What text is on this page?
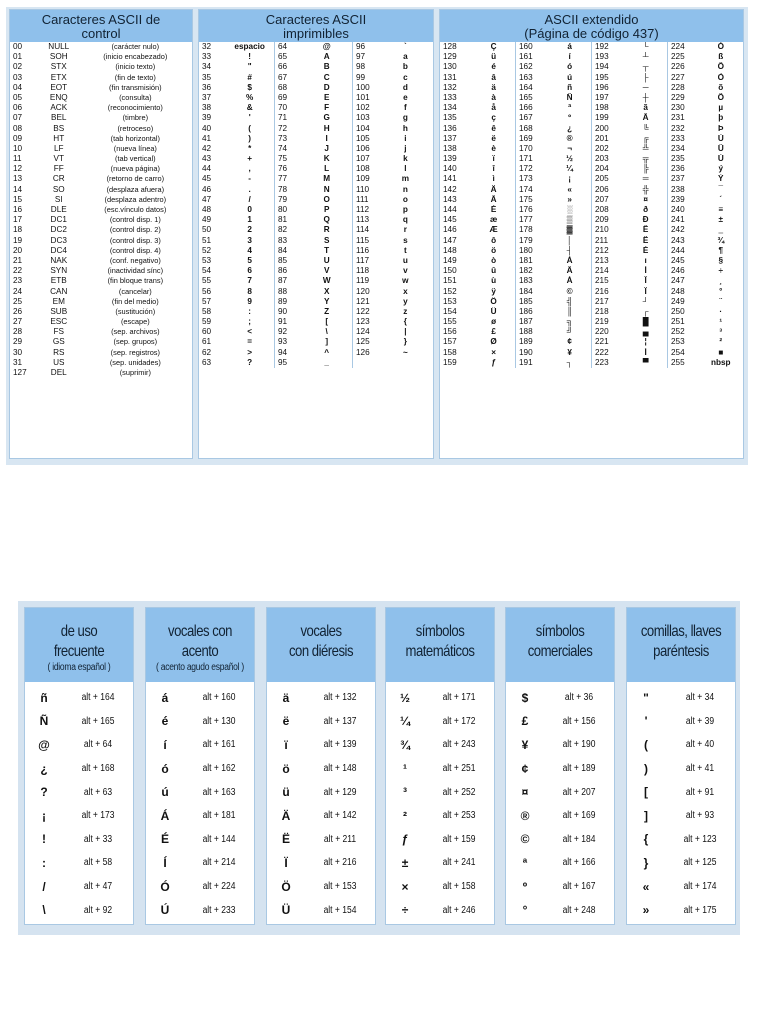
Caracteres ASCII de
control
00	NULL	(carácter nulo)
01	SOH	(inicio encabezado)
02	STX	(inicio texto)
03	ETX	(fin de texto)
04	EOT	(fin transmisión)
05	ENQ	(consulta)
06	ACK	(reconocimiento)
07	BEL	(timbre)
08	BS	(retroceso)
09	HT	(tab horizontal)
10	LF	(nueva línea)
11	VT	(tab vertical)
12	FF	(nueva página)
13	CR	(retorno de carro)
14	SO	(desplaza afuera)
15	SI	(desplaza adentro)
16	DLE	(esc.vínculo datos)
17	DC1	(control disp. 1)
18	DC2	(control disp. 2)
19	DC3	(control disp. 3)
20	DC4	(control disp. 4)
21	NAK	(conf. negativo)
22	SYN	(inactividad sínc)
23	ETB	(fin bloque trans)
24	CAN	(cancelar)
25	EM	(fin del medio)
26	SUB	(sustitución)
27	ESC	(escape)
28	FS	(sep. archivos)
29	GS	(sep. grupos)
30	RS	(sep. registros)
31	US	(sep. unidades)
127	DEL	(suprimir)
Caracteres ASCII
imprimibles
32	espacio
33	!
34	"
35	#
36	$
37	%
38	&
39	'
40	(
41	)
42	*
43	+
44	,
45	-
46	.
47	/
48	0
49	1
50	2
51	3
52	4
53	5
54	6
55	7
56	8
57	9
58	:
59	;
60	<
61	=
62	>
63	?
64	@
65	A
66	B
67	C
68	D
69	E
70	F
71	G
72	H
73	I
74	J
75	K
76	L
77	M
78	N
79	O
80	P
81	Q
82	R
83	S
84	T
85	U
86	V
87	W
88	X
89	Y
90	Z
91	[
92	\
93	]
94	^
95	_
96	`
97	a
98	b
99	c
100	d
101	e
102	f
103	g
104	h
105	i
106	j
107	k
108	l
109	m
110	n
111	o
112	p
113	q
114	r
115	s
116	t
117	u
118	v
119	w
120	x
121	y
122	z
123	{
124	|
125	}
126	~
ASCII extendido
(Página de código 437)
128	Ç
129	ü
130	é
131	â
132	ä
133	à
134	å
135	ç
136	ê
137	ë
138	è
139	ï
140	î
141	ì
142	Ä
143	Å
144	É
145	æ
146	Æ
147	ô
148	ö
149	ò
150	û
151	ù
152	ÿ
153	Ö
154	Ü
155	ø
156	£
157	Ø
158	×
159	ƒ
160	á
161	í
162	ó
163	ú
164	ñ
165	Ñ
166	ª
167	º
168	¿
169	®
170	¬
171	½
172	¼
173	¡
174	«
175	»
176	░
177	▒
178	▓
179	│
180	┤
181	Á
182	Â
183	À
184	©
185	╣
186	║
187	╗
188	╝
189	¢
190	¥
191	┐
192	└
193	┴
194	┬
195	├
196	─
197	┼
198	ã
199	Ã
200	╚
201	╔
202	╩
203	╦
204	╠
205	═
206	╬
207	¤
208	ð
209	Ð
210	Ê
211	Ë
212	È
213	ı
214	Í
215	Î
216	Ï
217	┘
218	┌
219	█
220	▄
221	¦
222	Ì
223	▀
224	Ó
225	ß
226	Ô
227	Ò
228	õ
229	Õ
230	µ
231	þ
232	Þ
233	Ú
234	Û
235	Ù
236	ý
237	Ý
238	¯
239	´
240	≡
241	±
242	‗
243	¾
244	¶
245	§
246	÷
247	¸
248	°
249	¨
250	·
251	¹
252	³
253	²
254	■
255	nbsp
de uso frecuente
( idioma español )
ñ	alt + 164
Ñ	alt + 165
@	alt + 64
¿	alt + 168
?	alt + 63
¡	alt + 173
!	alt + 33
:	alt + 58
/	alt + 47
\	alt + 92
vocales con acento
( acento agudo español )
á	alt + 160
é	alt + 130
í	alt + 161
ó	alt + 162
ú	alt + 163
Á	alt + 181
É	alt + 144
Í	alt + 214
Ó	alt + 224
Ú	alt + 233
vocales
con diéresis
ä	alt + 132
ë	alt + 137
ï	alt + 139
ö	alt + 148
ü	alt + 129
Ä	alt + 142
Ë	alt + 211
Ï	alt + 216
Ö	alt + 153
Ü	alt + 154
símbolos
matemáticos
½	alt + 171
¼	alt + 172
¾	alt + 243
¹	alt + 251
³	alt + 252
²	alt + 253
ƒ	alt + 159
±	alt + 241
×	alt + 158
÷	alt + 246
símbolos
comerciales
$	alt + 36
£	alt + 156
¥	alt + 190
¢	alt + 189
¤	alt + 207
®	alt + 169
©	alt + 184
ª	alt + 166
º	alt + 167
°	alt + 248
comillas, llaves
paréntesis
"	alt + 34
'	alt + 39
(	alt + 40
)	alt + 41
[	alt + 91
]	alt + 93
{	alt + 123
}	alt + 125
«	alt + 174
»	alt + 175
